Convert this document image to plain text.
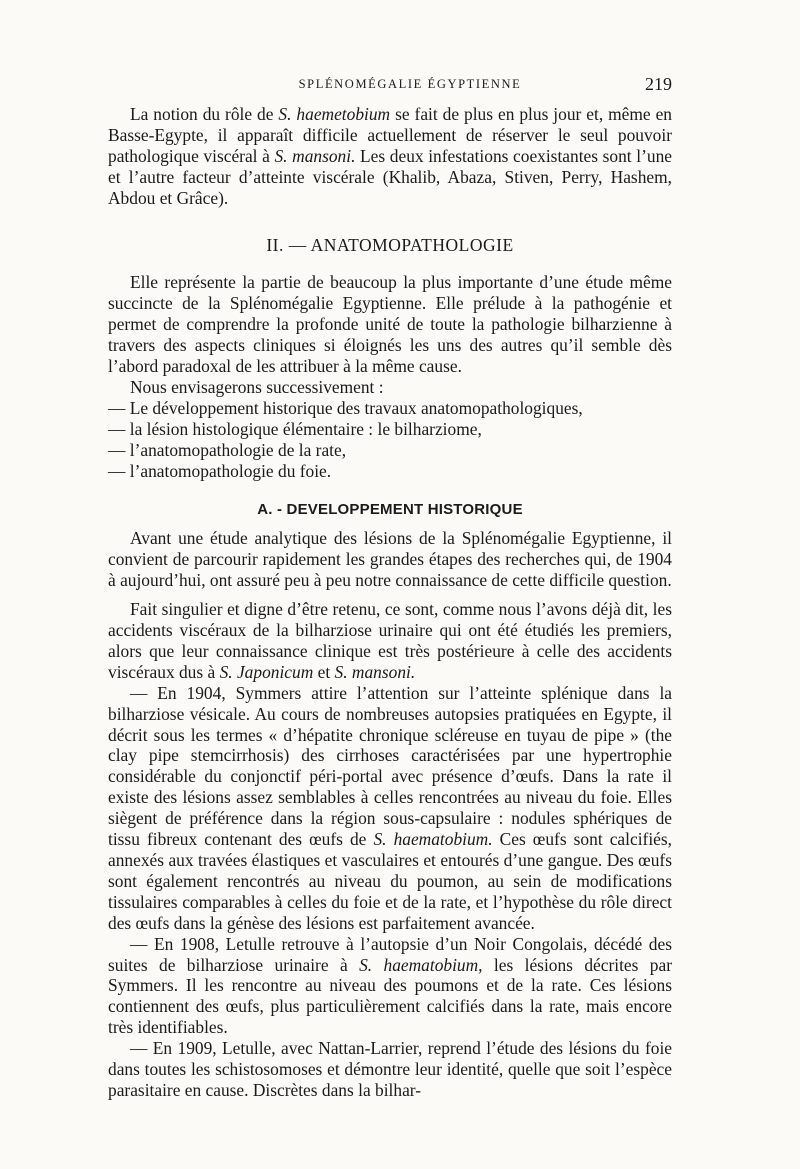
SPLÉNOMÉGALIE ÉGYPTIENNE	219

La notion du rôle de S. haemetobium se fait de plus en plus jour et, même en Basse-Egypte, il apparaît difficile actuellement de réserver le seul pouvoir pathologique viscéral à S. mansoni. Les deux infestations coexistantes sont l’une et l’autre facteur d’atteinte viscérale (Khalib, Abaza, Stiven, Perry, Hashem, Abdou et Grâce).

II. — ANATOMOPATHOLOGIE

Elle représente la partie de beaucoup la plus importante d’une étude même succincte de la Splénomégalie Egyptienne. Elle prélude à la pathogénie et permet de comprendre la profonde unité de toute la pathologie bilharzienne à travers des aspects cliniques si éloignés les uns des autres qu’il semble dès l’abord paradoxal de les attribuer à la même cause.

Nous envisagerons successivement :

— Le développement historique des travaux anatomopathologiques,
— la lésion histologique élémentaire : le bilharziome,
— l’anatomopathologie de la rate,
— l’anatomopathologie du foie.
A. - DEVELOPPEMENT HISTORIQUE

Avant une étude analytique des lésions de la Splénomégalie Egyptienne, il convient de parcourir rapidement les grandes étapes des recherches qui, de 1904 à aujourd’hui, ont assuré peu à peu notre connaissance de cette difficile question.

Fait singulier et digne d’être retenu, ce sont, comme nous l’avons déjà dit, les accidents viscéraux de la bilharziose urinaire qui ont été étudiés les premiers, alors que leur connaissance clinique est très postérieure à celle des accidents viscéraux dus à S. Japonicum et S. mansoni.

— En 1904, Symmers attire l’attention sur l’atteinte splénique dans la bilharziose vésicale. Au cours de nombreuses autopsies pratiquées en Egypte, il décrit sous les termes « d’hépatite chronique scléreuse en tuyau de pipe » (the clay pipe stemcirrhosis) des cirrhoses caractérisées par une hypertrophie considérable du conjonctif péri-portal avec présence d’œufs. Dans la rate il existe des lésions assez semblables à celles rencontrées au niveau du foie. Elles siègent de préférence dans la région sous-capsulaire : nodules sphériques de tissu fibreux contenant des œufs de S. haematobium. Ces œufs sont calcifiés, annexés aux travées élastiques et vasculaires et entourés d’une gangue. Des œufs sont également rencontrés au niveau du poumon, au sein de modifications tissulaires comparables à celles du foie et de la rate, et l’hypothèse du rôle direct des œufs dans la génèse des lésions est parfaitement avancée.

— En 1908, Letulle retrouve à l’autopsie d’un Noir Congolais, décédé des suites de bilharziose urinaire à S. haematobium, les lésions décrites par Symmers. Il les rencontre au niveau des poumons et de la rate. Ces lésions contiennent des œufs, plus particulièrement calcifiés dans la rate, mais encore très identifiables.

— En 1909, Letulle, avec Nattan-Larrier, reprend l’étude des lésions du foie dans toutes les schistosomoses et démontre leur identité, quelle que soit l’espèce parasitaire en cause. Discrètes dans la bilhar-
